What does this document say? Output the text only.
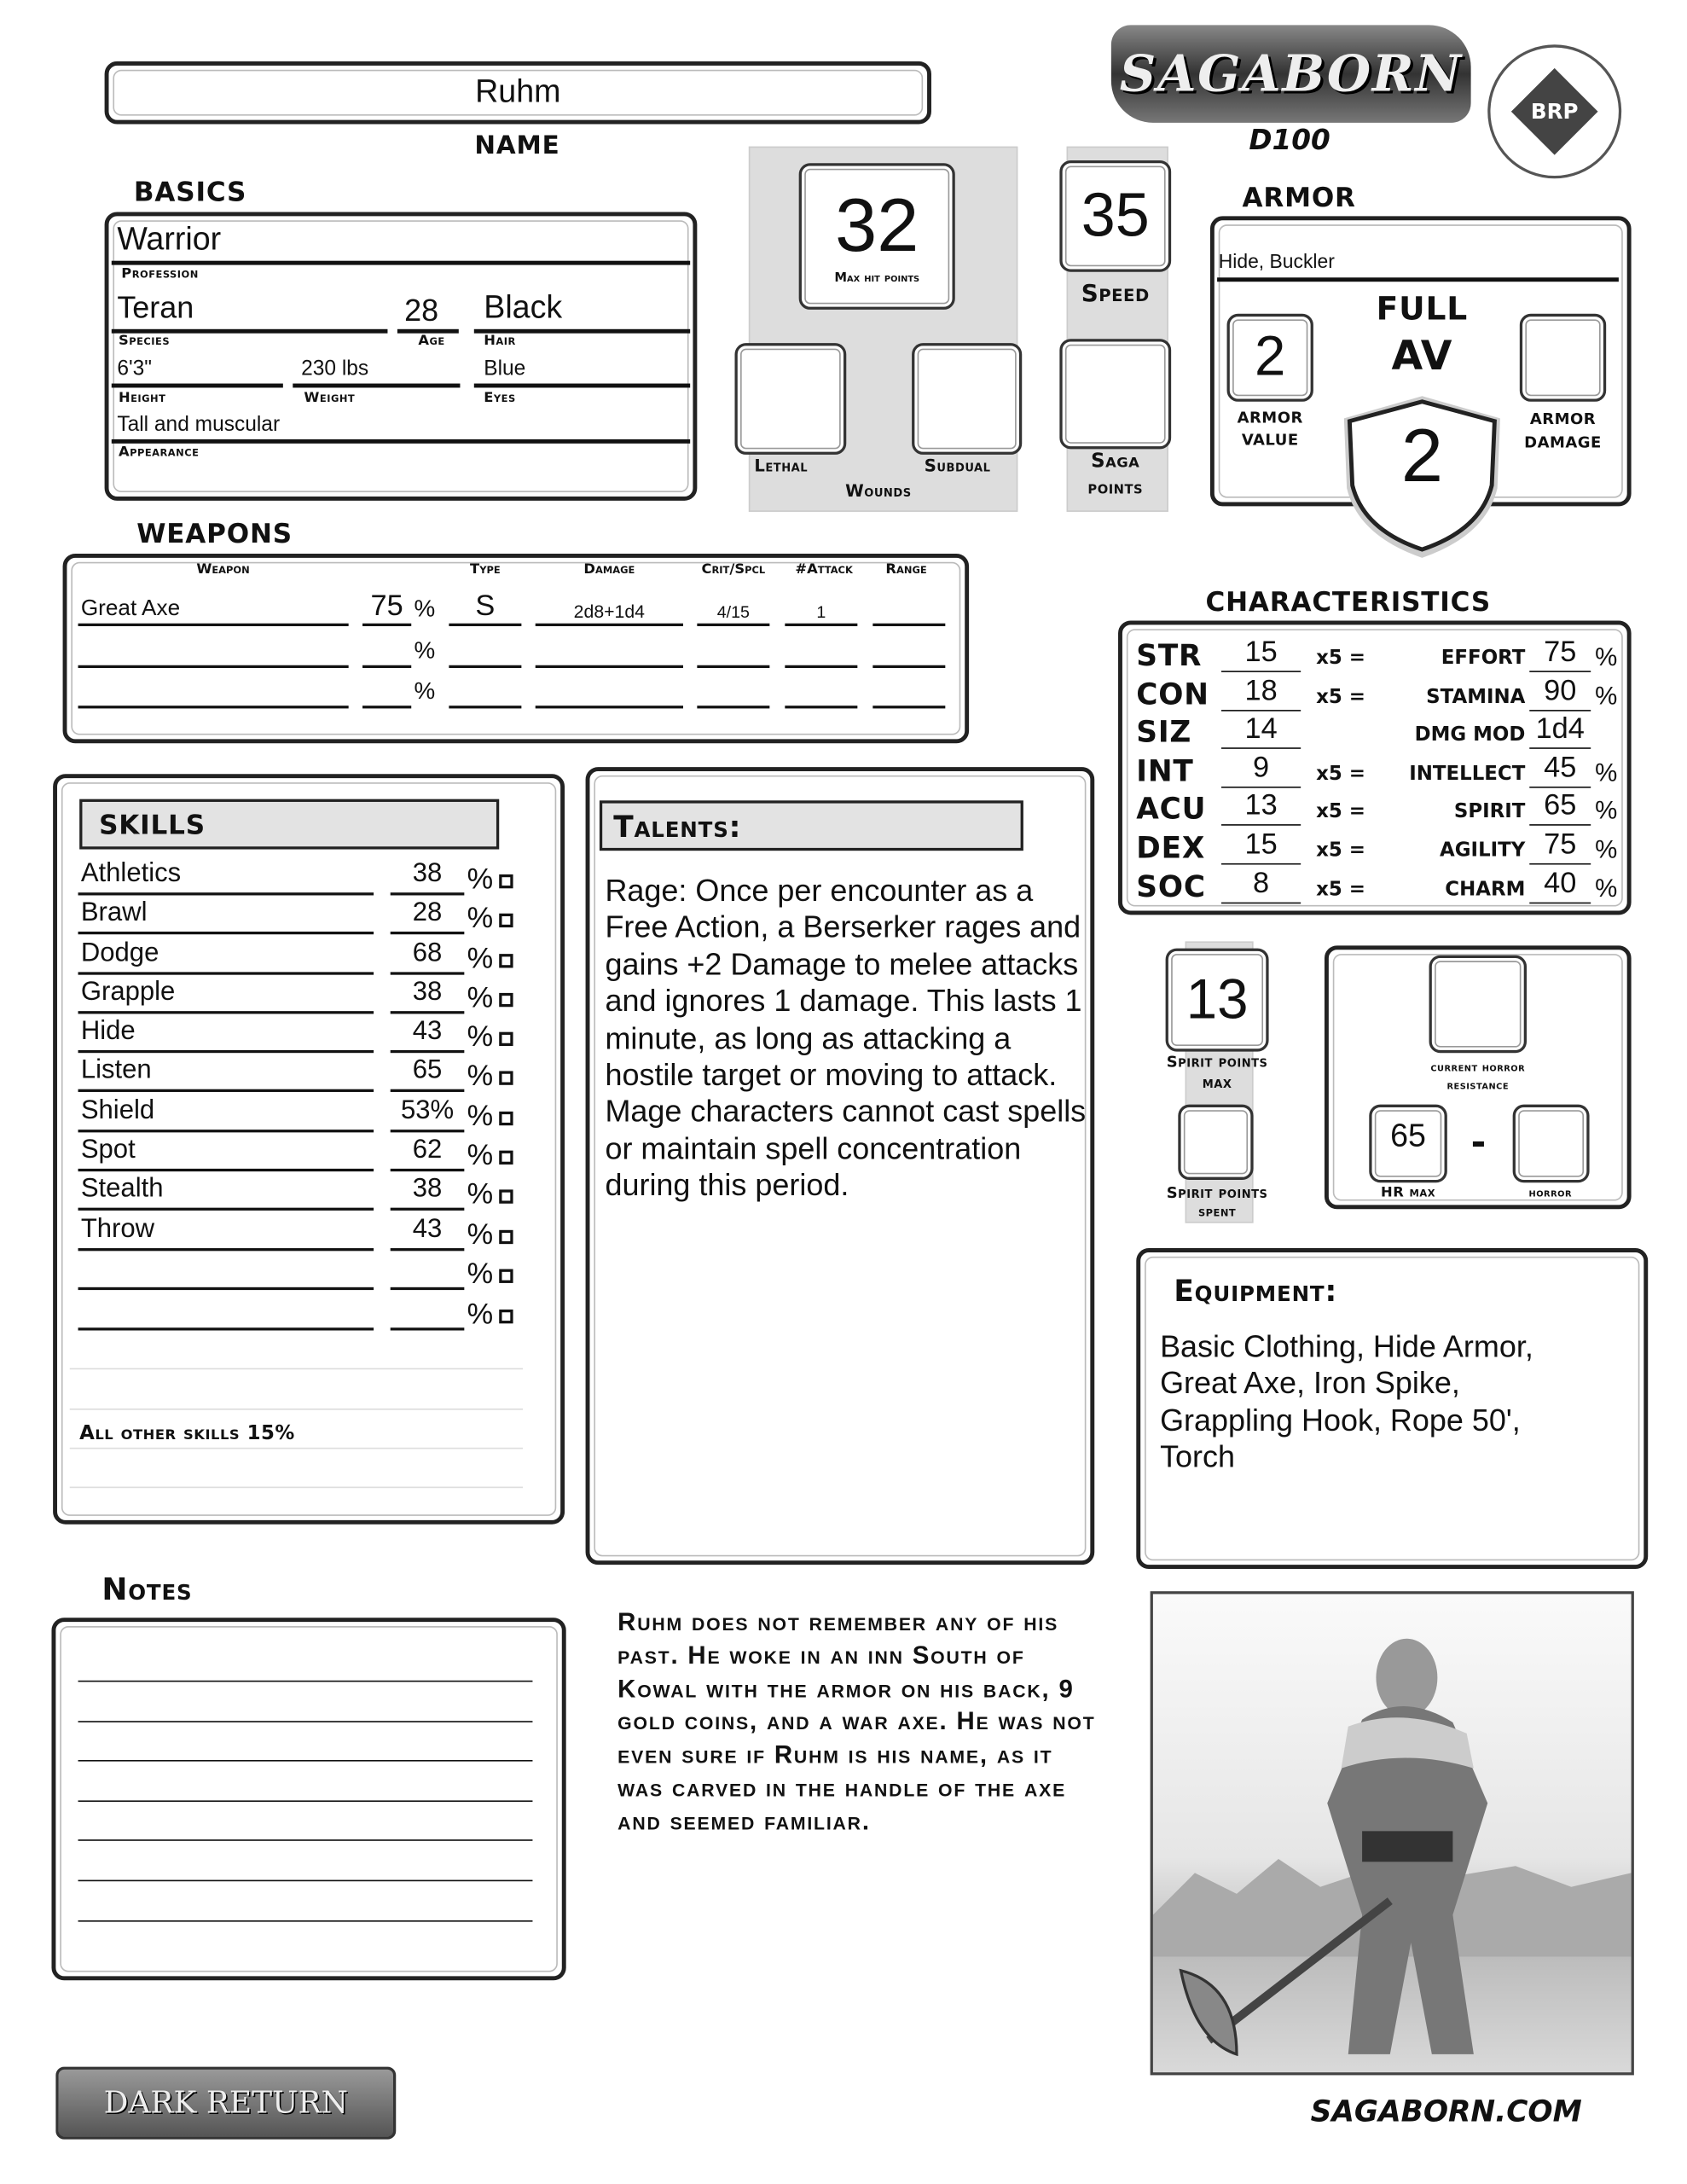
Ruhm
NAME
SAGABORN
D100
BRP
BASICS
Warrior
Profession
Teran	28 Black
Species	Age	Hair
6'3"	230 lbs	Blue
Height	Weight	Eyes
Tall and muscular
Appearance
32
Max hit points
Lethal	Subdual
Wounds
35
Speed
Saga
points
ARMOR
Hide, Buckler
FULL
AV
2
ARMOR
VALUE
ARMOR
DAMAGE
2
WEAPONS
Weapon	Type	Damage	Crit/Spcl	#Attack	Range
Great Axe	75	S	2d8+1d4	4/15	1
%
%
%
CHARACTERISTICS
STR	15	x5 =	EFFORT	75	%
CON	18	x5 =	STAMINA	90	%
SIZ	14	DMG MOD 1d4
INT	9	x5 =	INTELLECT	45	%
ACU	13	x5 =	SPIRIT	65	%
DEX	15	x5 =	AGILITY	75	%
SOC	8	x5 =	CHARM	40	%
SKILLS
Athletics	38	%
Brawl	28	%
Dodge	68	%
Grapple	38	%
Hide	43	%
Listen	65	%
Shield	53% %
Spot	62	%
Stealth	38	%
Throw	43	%
%
%
All other skills 15%
Talents:
Rage: Once per encounter as a Free Action, a Berserker rages and gains +2 Damage to melee attacks and ignores 1 damage. This lasts 1 minute, as long as attacking a hostile target or moving to attack. Mage characters cannot cast spells or maintain spell concentration during this period.
13
Spirit points
max
Spirit points
spent
current horror
resistance
65 -
HR max	horror
Equipment:
Basic Clothing, Hide Armor, Great Axe, Iron Spike, Grappling Hook, Rope 50', Torch
Notes
Ruhm does not remember any of his past. He woke in an inn South of Kowal with the armor on his back, 9 gold coins, and a war axe. He was not even sure if Ruhm is his name, as it was carved in the handle of the axe and seemed familiar.
DARK RETURN	SAGABORN.COM
